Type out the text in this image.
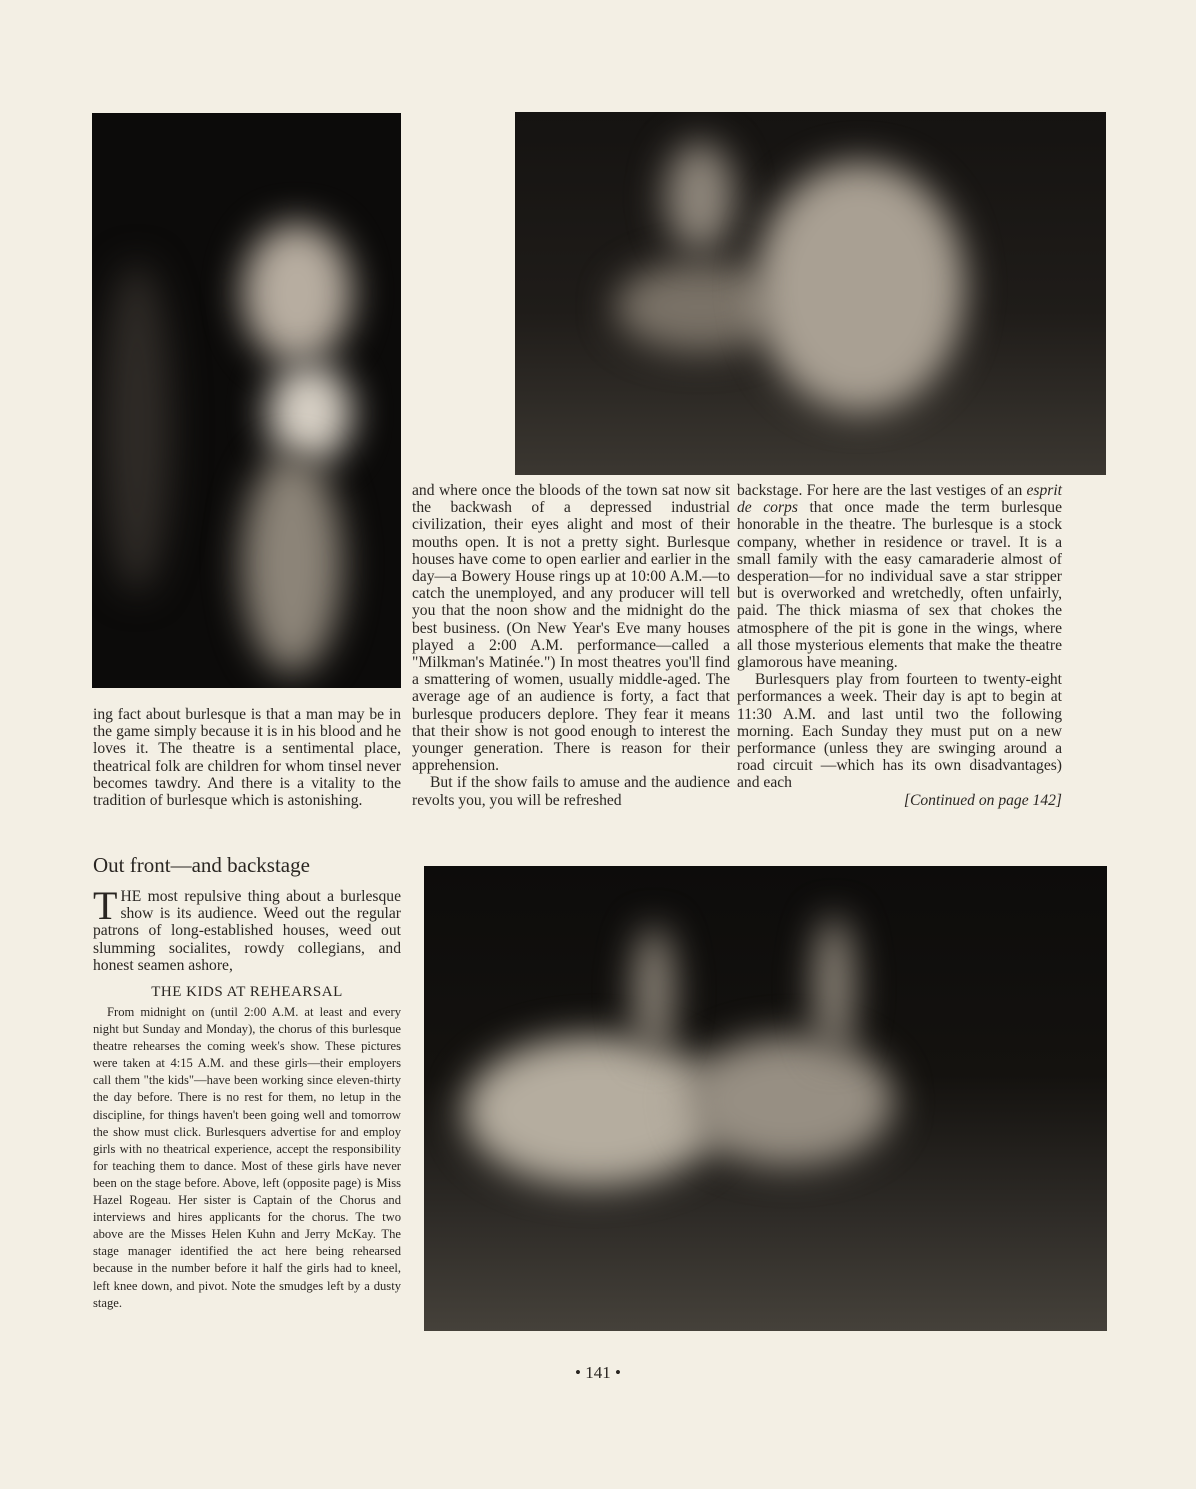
ing fact about burlesque is that a man may be in the game simply because it is in his blood and he loves it. The theatre is a sentimental place, theatrical folk are children for whom tinsel never becomes tawdry. And there is a vitality to the tradition of burlesque which is astonishing.

Out front—and backstage

THE most repulsive thing about a burlesque show is its audience. Weed out the regular patrons of long-established houses, weed out slumming socialites, rowdy collegians, and honest seamen ashore,

THE KIDS AT REHEARSAL

From midnight on (until 2:00 A.M. at least and every night but Sunday and Monday), the chorus of this burlesque theatre rehearses the coming week's show. These pictures were taken at 4:15 A.M. and these girls—their employers call them "the kids"—have been working since eleven-thirty the day before. There is no rest for them, no letup in the discipline, for things haven't been going well and tomorrow the show must click. Burlesquers advertise for and employ girls with no theatrical experience, accept the responsibility for teaching them to dance. Most of these girls have never been on the stage before. Above, left (opposite page) is Miss Hazel Rogeau. Her sister is Captain of the Chorus and interviews and hires applicants for the chorus. The two above are the Misses Helen Kuhn and Jerry McKay. The stage manager identified the act here being rehearsed because in the number before it half the girls had to kneel, left knee down, and pivot. Note the smudges left by a dusty stage.

and where once the bloods of the town sat now sit the backwash of a depressed industrial civilization, their eyes alight and most of their mouths open. It is not a pretty sight. Burlesque houses have come to open earlier and earlier in the day—a Bowery House rings up at 10:00 A.M.—to catch the unemployed, and any producer will tell you that the noon show and the midnight do the best business. (On New Year's Eve many houses played a 2:00 A.M. performance—called a "Milkman's Matinée.") In most theatres you'll find a smattering of women, usually middle-aged. The average age of an audience is forty, a fact that burlesque producers deplore. They fear it means that their show is not good enough to interest the younger generation. There is reason for their apprehension.

But if the show fails to amuse and the audience revolts you, you will be refreshed

backstage. For here are the last vestiges of an esprit de corps that once made the term burlesque honorable in the theatre. The burlesque is a stock company, whether in residence or travel. It is a small family with the easy camaraderie almost of desperation—for no individual save a star stripper but is overworked and wretchedly, often unfairly, paid. The thick miasma of sex that chokes the atmosphere of the pit is gone in the wings, where all those mysterious elements that make the theatre glamorous have meaning.

Burlesquers play from fourteen to twenty-eight performances a week. Their day is apt to begin at 11:30 A.M. and last until two the following morning. Each Sunday they must put on a new performance (unless they are swinging around a road circuit —which has its own disadvantages) and each

[Continued on page 142]

• 141 •
